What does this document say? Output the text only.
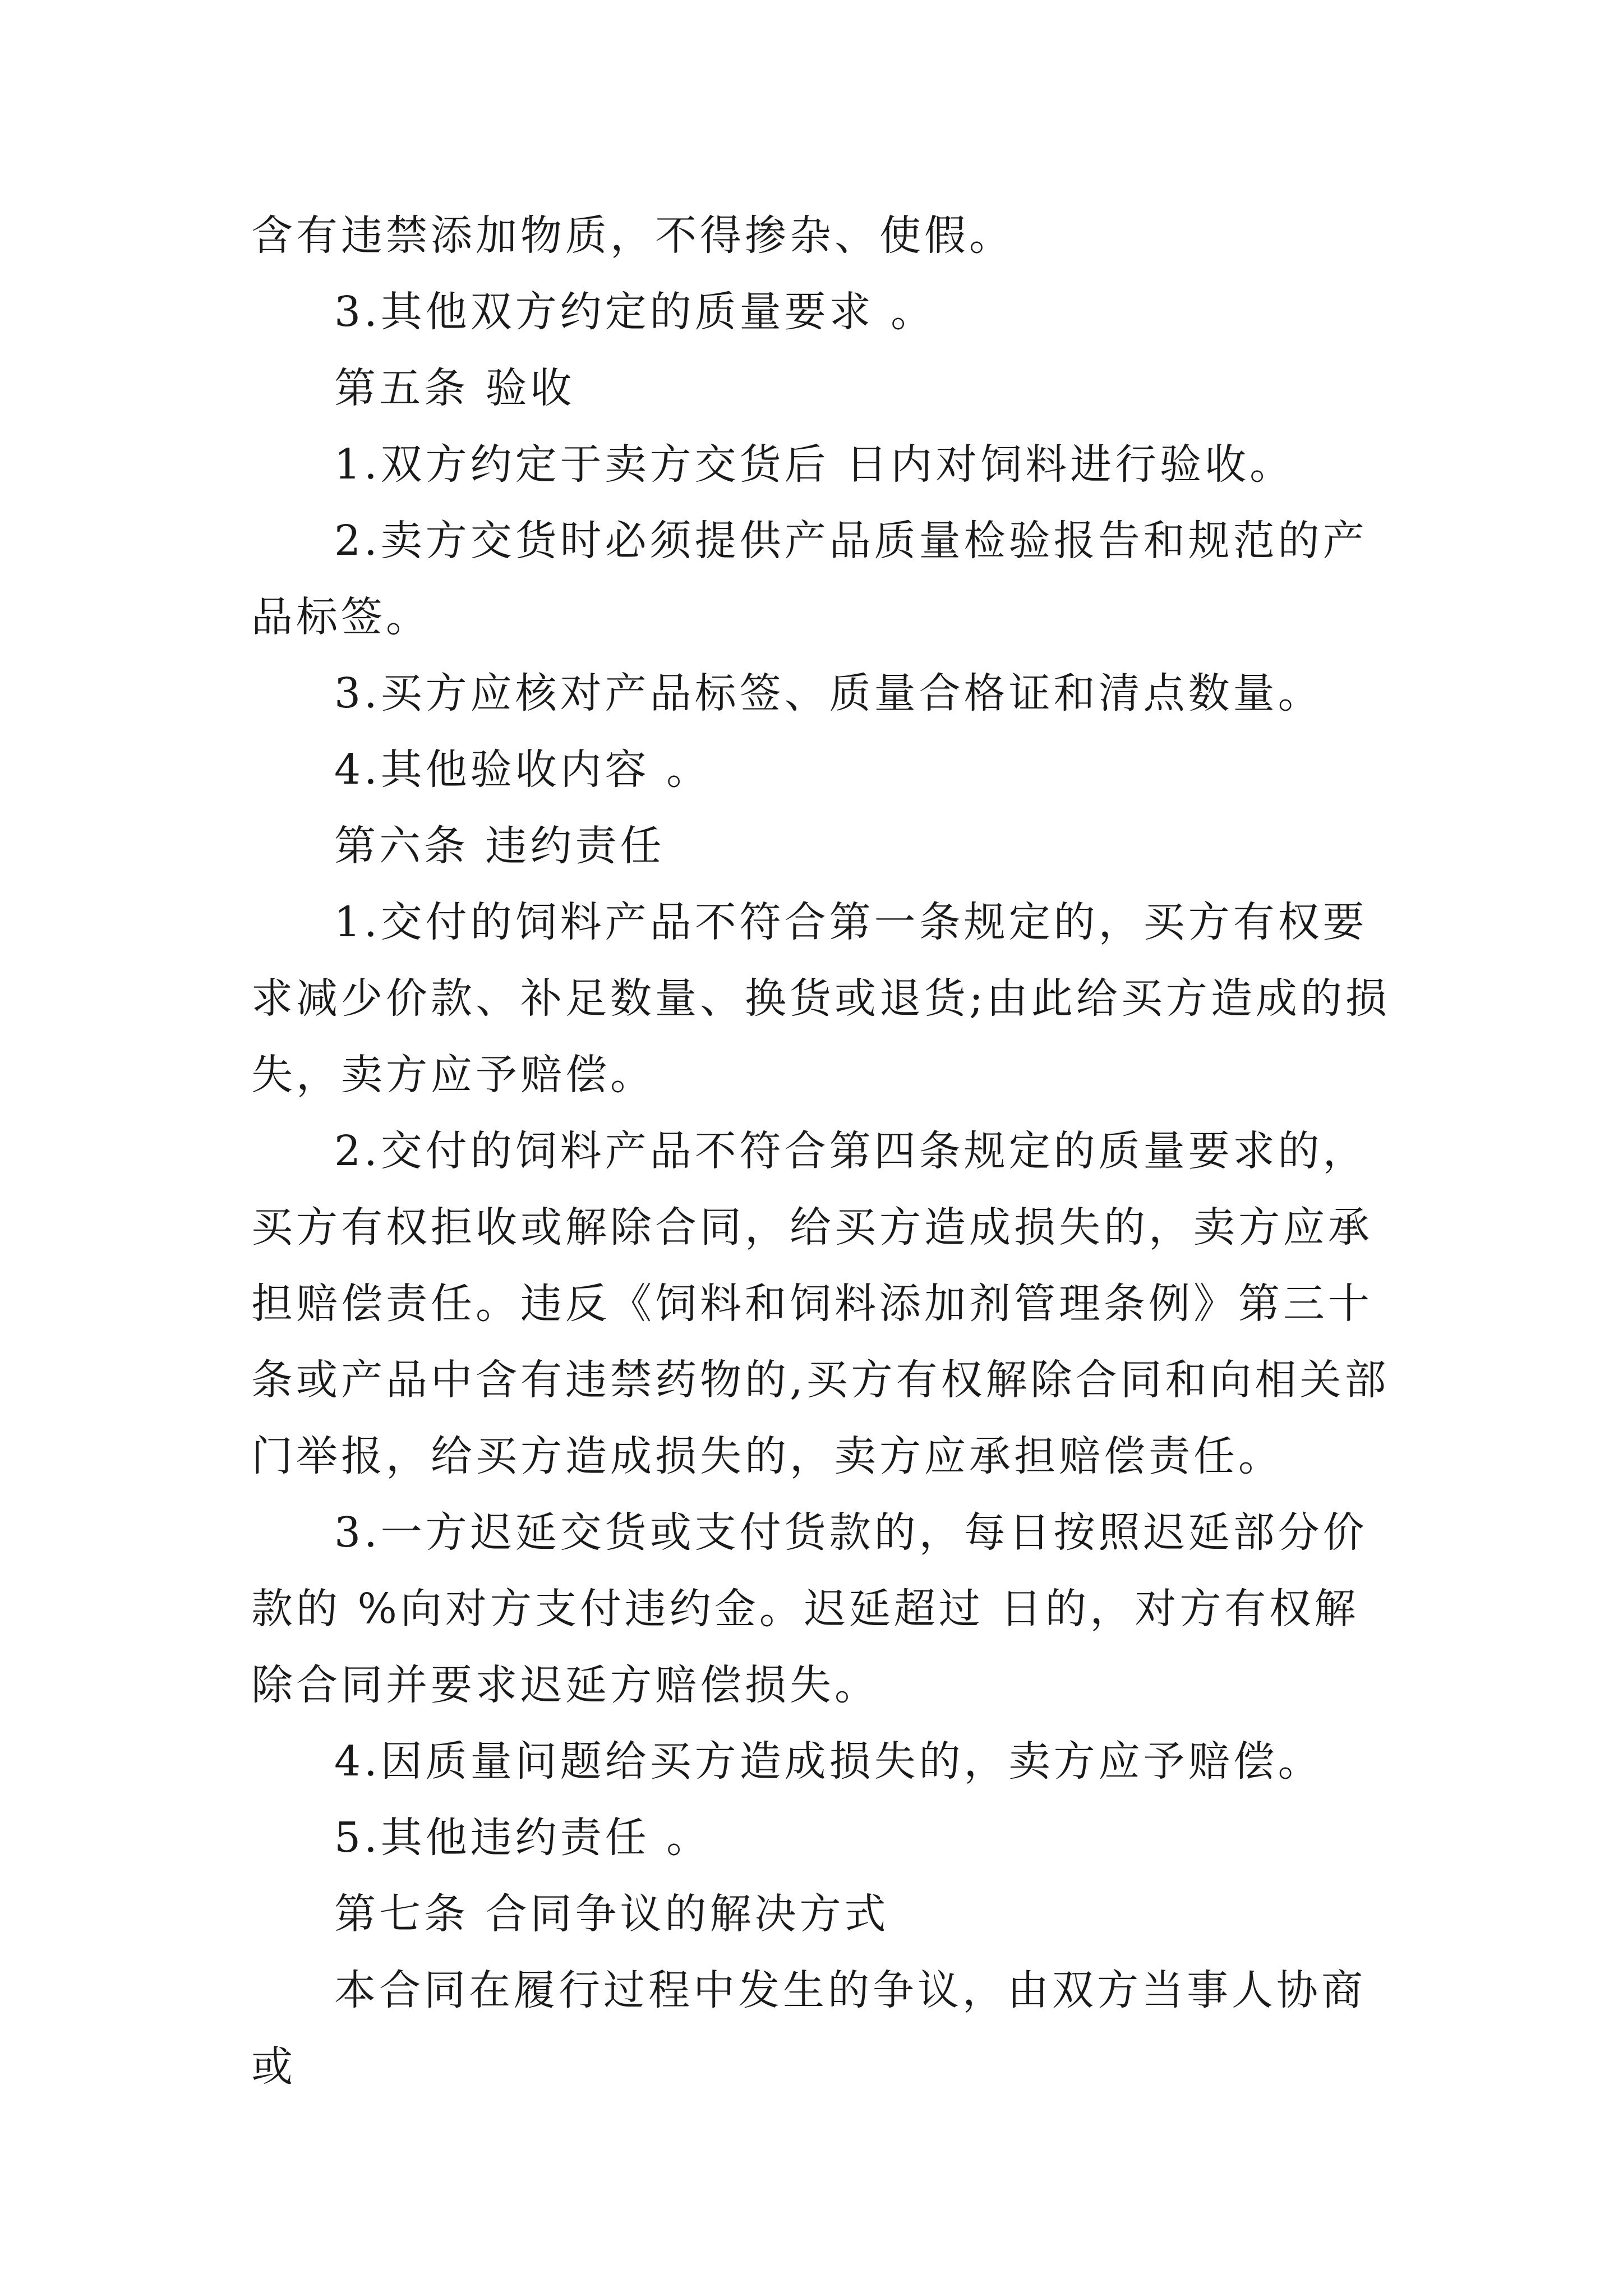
含有违禁添加物质，不得掺杂、使假。

3.其他双方约定的质量要求 。

第五条 验收

1.双方约定于卖方交货后 日内对饲料进行验收。

2.卖方交货时必须提供产品质量检验报告和规范的产品标签。

3.买方应核对产品标签、质量合格证和清点数量。

4.其他验收内容 。

第六条 违约责任

1.交付的饲料产品不符合第一条规定的，买方有权要求减少价款、补足数量、换货或退货;由此给买方造成的损失，卖方应予赔偿。

2.交付的饲料产品不符合第四条规定的质量要求的，买方有权拒收或解除合同，给买方造成损失的，卖方应承担赔偿责任。违反《饲料和饲料添加剂管理条例》第三十条或产品中含有违禁药物的,买方有权解除合同和向相关部门举报，给买方造成损失的，卖方应承担赔偿责任。

3.一方迟延交货或支付货款的，每日按照迟延部分价款的 %向对方支付违约金。迟延超过 日的，对方有权解除合同并要求迟延方赔偿损失。

4.因质量问题给买方造成损失的，卖方应予赔偿。

5.其他违约责任 。

第七条 合同争议的解决方式

本合同在履行过程中发生的争议，由双方当事人协商或
